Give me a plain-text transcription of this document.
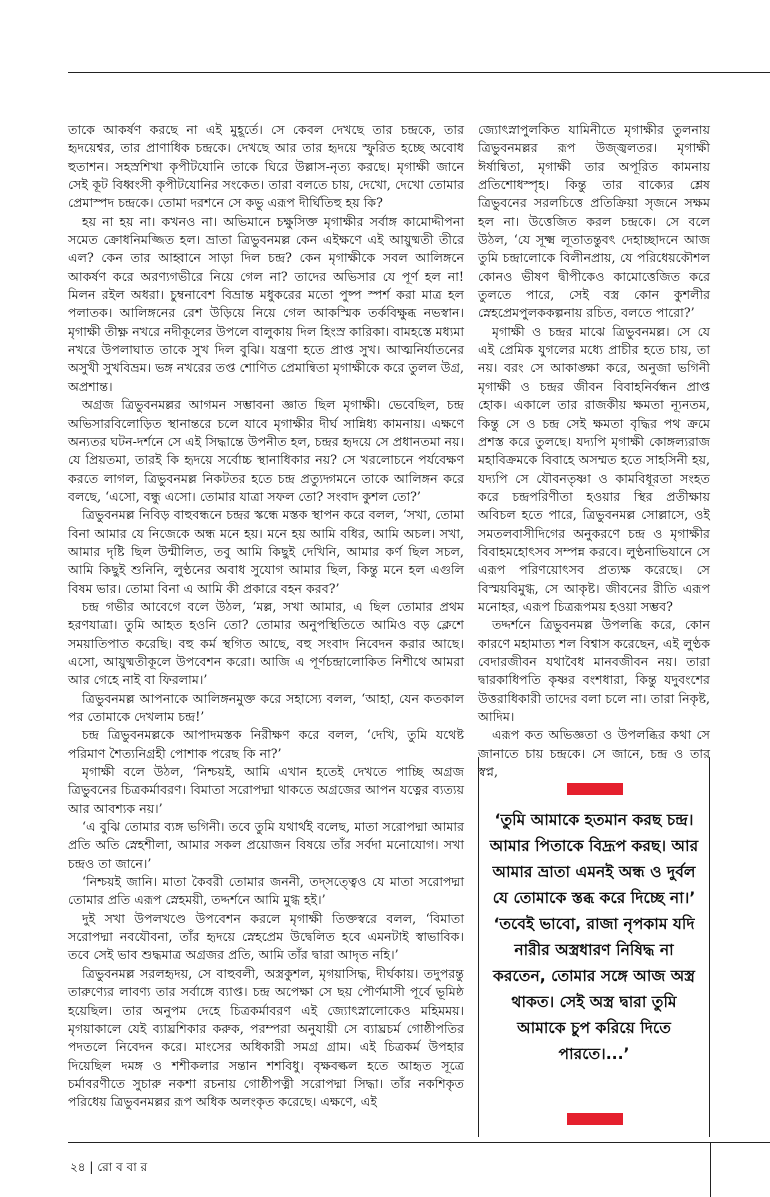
তাকে আকর্ষণ করছে না এই মুহূর্তে। সে কেবল দেখছে তার চন্দ্রকে, তার হৃদয়েশ্বর, তার প্রাণাধিক চন্দ্রকে। দেখছে আর তার হৃদয়ে স্ফুরিত হচ্ছে অবোধ হুতাশন। সহস্রশিখা কৃপীটযোনি তাকে ঘিরে উল্লাস-নৃত্য করছে। মৃগাক্ষী জানে সেই কূট বিধ্বংসী কৃপীটযোনির সংকেত। তারা বলতে চায়, দেখো, দেখো তোমার প্রেমাস্পদ চন্দ্রকে। তোমা দরশনে সে কভু এরূপ দীর্ঘিতিহু হয় কি?

হয় না হয় না। কখনও না। অভিমানে চক্ষুসিক্ত মৃগাক্ষীর সর্বাঙ্গ কামোদ্দীপনা সমেত ক্রোধনিমজ্জিত হল। ভ্রাতা ত্রিভুবনমল্ল কেন এইক্ষণে এই আয়ুষ্মতী তীরে এল? কেন তার আহ্বানে সাড়া দিল চন্দ্র? কেন মৃগাক্ষীকে সবল আলিঙ্গনে আকর্ষণ করে অরণ্যগভীরে নিয়ে গেল না? তাদের অভিসার যে পূর্ণ হল না! মিলন রইল অধরা। চুম্বনাবেশ বিভ্রান্ত মধুকরের মতো পুষ্প স্পর্শ করা মাত্র হল পলাতক। আলিঙ্গনের রেশ উড়িয়ে নিয়ে গেল আকস্মিক তর্কবিক্ষুব্ধ নভস্বান। মৃগাক্ষী তীক্ষ্ণ নখরে নদীকূলের উপলে বালুকায় দিল হিংস্র কারিকা। বামহস্তে মধ্যমা নখরে উপলাঘাত তাকে সুখ দিল বুঝি। যন্ত্রণা হতে প্রাপ্ত সুখ। আত্মনির্যাতনের অসুখী সুখবিভ্রম। ভঙ্গ নখরের তপ্ত শোণিত প্রেমান্বিতা মৃগাক্ষীকে করে তুলল উগ্র, অপ্রশান্ত।

অগ্রজ ত্রিভুবনমল্লর আগমন সম্ভাবনা জ্ঞাত ছিল মৃগাক্ষী। ভেবেছিল, চন্দ্র অভিসারবিলোড়িত স্থানান্তরে চলে যাবে মৃগাক্ষীর দীর্ঘ সান্নিধ্য কামনায়। এক্ষণে অন্যতর ঘটন-দর্শনে সে এই সিদ্ধান্তে উপনীত হল, চন্দ্রর হৃদয়ে সে প্রধানতমা নয়। যে প্রিয়তমা, তারই কি হৃদয়ে সর্বোচ্চ স্থানাধিকার নয়? সে খরলোচনে পর্যবেক্ষণ করতে লাগল, ত্রিভুবনমল্ল নিকটতর হতে চন্দ্র প্রত্যুদ্গমনে তাকে আলিঙ্গন করে বলছে, ‘এসো, বন্ধু এসো। তোমার যাত্রা সফল তো? সংবাদ কুশল তো?’

ত্রিভুবনমল্ল নিবিড় বাহুবন্ধনে চন্দ্রর স্কন্ধে মস্তক স্থাপন করে বলল, ‘সখা, তোমা বিনা আমার যে নিজেকে অন্ধ মনে হয়। মনে হয় আমি বধির, আমি অচল। সখা, আমার দৃষ্টি ছিল উন্মীলিত, তবু আমি কিছুই দেখিনি, আমার কর্ণ ছিল সচল, আমি কিছুই শুনিনি, লুণ্ঠনের অবাধ সুযোগ আমার ছিল, কিন্তু মনে হল এগুলি বিষম ভার। তোমা বিনা এ আমি কী প্রকারে বহন করব?’

চন্দ্র গভীর আবেগে বলে উঠল, ‘মল্ল, সখা আমার, এ ছিল তোমার প্রথম হরণযাত্রা। তুমি আহত হওনি তো? তোমার অনুপস্থিতিতে আমিও বড় ক্লেশে সময়াতিপাত করেছি। বহু কর্ম স্থগিত আছে, বহু সংবাদ নিবেদন করার আছে। এসো, আয়ুষ্মতীকূলে উপবেশন করো। আজি এ পূর্ণচন্দ্রালোকিত নিশীথে আমরা আর গেহে নাই বা ফিরলাম।’

ত্রিভুবনমল্ল আপনাকে আলিঙ্গনমুক্ত করে সহাস্যে বলল, ‘আহা, যেন কতকাল পর তোমাকে দেখলাম চন্দ্র!’

চন্দ্র ত্রিভুবনমল্লকে আপাদমস্তক নিরীক্ষণ করে বলল, ‘দেখি, তুমি যথেষ্ট পরিমাণ শৈত্যনিগ্রহী পোশাক পরেছ কি না?’

মৃগাক্ষী বলে উঠল, ‘নিশ্চয়ই, আমি এখান হতেই দেখতে পাচ্ছি অগ্রজ ত্রিভুবনের চিত্রকর্মাবরণ। বিমাতা সরোপদ্মা থাকতে অগ্রজের আপন যত্নের ব্যত্যয় আর আবশ্যক নয়।’

‘এ বুঝি তোমার ব্যঙ্গ ভগিনী। তবে তুমি যথার্থই বলেছ, মাতা সরোপদ্মা আমার প্রতি অতি স্নেহশীলা, আমার সকল প্রয়োজন বিষয়ে তাঁর সর্বদা মনোযোগ। সখা চন্দ্রও তা জানে।’

‘নিশ্চয়ই জানি। মাতা কৈবরী তোমার জননী, তদ্সত্ত্বেও যে মাতা সরোপদ্মা তোমার প্রতি এরূপ স্নেহময়ী, তদ্দর্শনে আমি মুগ্ধ হই।’

দুই সখা উপলখণ্ডে উপবেশন করলে মৃগাক্ষী তিক্তস্বরে বলল, ‘বিমাতা সরোপদ্মা নবযৌবনা, তাঁর হৃদয়ে স্নেহপ্রেম উদ্বেলিত হবে এমনটাই স্বাভাবিক। তবে সেই ভাব শুদ্ধমাত্র অগ্রজর প্রতি, আমি তাঁর দ্বারা আদৃত নহি।’

ত্রিভুবনমল্ল সরলহৃদয়, সে বাহুবলী, অস্ত্রকুশল, মৃগয়াসিদ্ধ, দীর্ঘকায়। তদুপরন্তু তারুণ্যের লাবণ্য তার সর্বাঙ্গে ব্যাপ্ত। চন্দ্র অপেক্ষা সে ছয় পৌর্ণমাসী পূর্বে ভূমিষ্ঠ হয়েছিল। তার অনুপম দেহে চিত্রকর্মাবরণ এই জ্যোৎস্নালোকেও মহিমময়। মৃগয়াকালে যেই ব্যাঘ্রশিকার করুক, পরম্পরা অনুযায়ী সে ব্যাঘ্রচর্ম গোষ্ঠীপতির পদতলে নিবেদন করে। মাংসের অধিকারী সমগ্র গ্রাম। এই চিত্রকর্ম উপহার দিয়েছিল দমঙ্গ ও শশীকলার সন্তান শশবিধু। বৃক্ষবল্কল হতে আহৃত সূত্রে চর্মাবরণীতে সুচারু নকশা রচনায় গোষ্ঠীপত্নী সরোপদ্মা সিদ্ধা। তাঁর নকশিকৃত পরিধেয় ত্রিভুবনমল্লর রূপ অধিক অলংকৃত করেছে। এক্ষণে, এই

জ্যোৎস্নাপুলকিত যামিনীতে মৃগাক্ষীর তুলনায় ত্রিভুবনমল্লর রূপ উজ্জ্বলতর। মৃগাক্ষী ঈর্ষান্বিতা, মৃগাক্ষী তার অপূরিত কামনায় প্রতিশোধস্পৃহ। কিন্তু তার বাক্যের শ্লেষ ত্রিভুবনের সরলচিত্তে প্রতিক্রিয়া সৃজনে সক্ষম হল না। উত্তেজিত করল চন্দ্রকে। সে বলে উঠল, ‘যে সূক্ষ্ম লূতাতন্তুবৎ দেহাচ্ছাদনে আজ তুমি চন্দ্রালোকে বিলীনপ্রায়, যে পরিধেয়কৌশল কোনও ভীষণ দ্বীপীকেও কামোত্তেজিত করে তুলতে পারে, সেই বস্ত্র কোন কুশলীর স্নেহপ্রেমপুলককল্পনায় রচিত, বলতে পারো?’

মৃগাক্ষী ও চন্দ্রর মাঝে ত্রিভুবনমল্ল। সে যে এই প্রেমিক যুগলের মধ্যে প্রাচীর হতে চায়, তা নয়। বরং সে আকাঙ্ক্ষা করে, অনুজা ভগিনী মৃগাক্ষী ও চন্দ্রর জীবন বিবাহনির্বন্ধন প্রাপ্ত হোক। একালে তার রাজকীয় ক্ষমতা ন্যূনতম, কিন্তু সে ও চন্দ্র সেই ক্ষমতা বৃদ্ধির পথ ক্রমে প্রশস্ত করে তুলছে। যদ্যপি মৃগাক্ষী কোঙ্গল্যরাজ মহাবিক্রমকে বিবাহে অসম্মত হতে সাহসিনী হয়, যদ্যপি সে যৌবনতৃষ্ণা ও কামবিধূরতা সংহত করে চন্দ্রপরিণীতা হওয়ার স্থির প্রতীক্ষায় অবিচল হতে পারে, ত্রিভুবনমল্ল সোল্লাসে, ওই সমতলবাসীদিগের অনুকরণে চন্দ্র ও মৃগাক্ষীর বিবাহমহোৎসব সম্পন্ন করবে। লুণ্ঠনাভিযানে সে এরূপ পরিণয়োৎসব প্রত্যক্ষ করেছে। সে বিস্ময়বিমুগ্ধ, সে আকৃষ্ট। জীবনের রীতি এরূপ মনোহর, এরূপ চিত্ররূপময় হওয়া সম্ভব?

তদ্দর্শনে ত্রিভুবনমল্ল উপলব্ধি করে, কোন কারণে মহামাত্য শল বিশ্বাস করেছেন, এই লুণ্ঠক বেদারজীবন যথাবৈধ মানবজীবন নয়। তারা দ্বারকাধিপতি কৃষ্ণর বংশধারা, কিন্তু যদুবংশের উত্তরাধিকারী তাদের বলা চলে না। তারা নিকৃষ্ট, আদিম।

এরূপ কত অভিজ্ঞতা ও উপলব্ধির কথা সে জানাতে চায় চন্দ্রকে। সে জানে, চন্দ্র ও তার স্বপ্ন,

‘তুমি আমাকে হতমান করছ চন্দ্র। আমার পিতাকে বিদ্রূপ করছ। আর আমার ভ্রাতা এমনই অন্ধ ও দুর্বল যে তোমাকে স্তব্ধ করে দিচ্ছে না।’

‘তবেই ভাবো, রাজা নৃপকাম যদি নারীর অস্ত্রধারণ নিষিদ্ধ না করতেন, তোমার সঙ্গে আজ অস্ত্র থাকত। সেই অস্ত্র দ্বারা তুমি আমাকে চুপ করিয়ে দিতে পারতে।...’

২৪ | রো ব বা র
